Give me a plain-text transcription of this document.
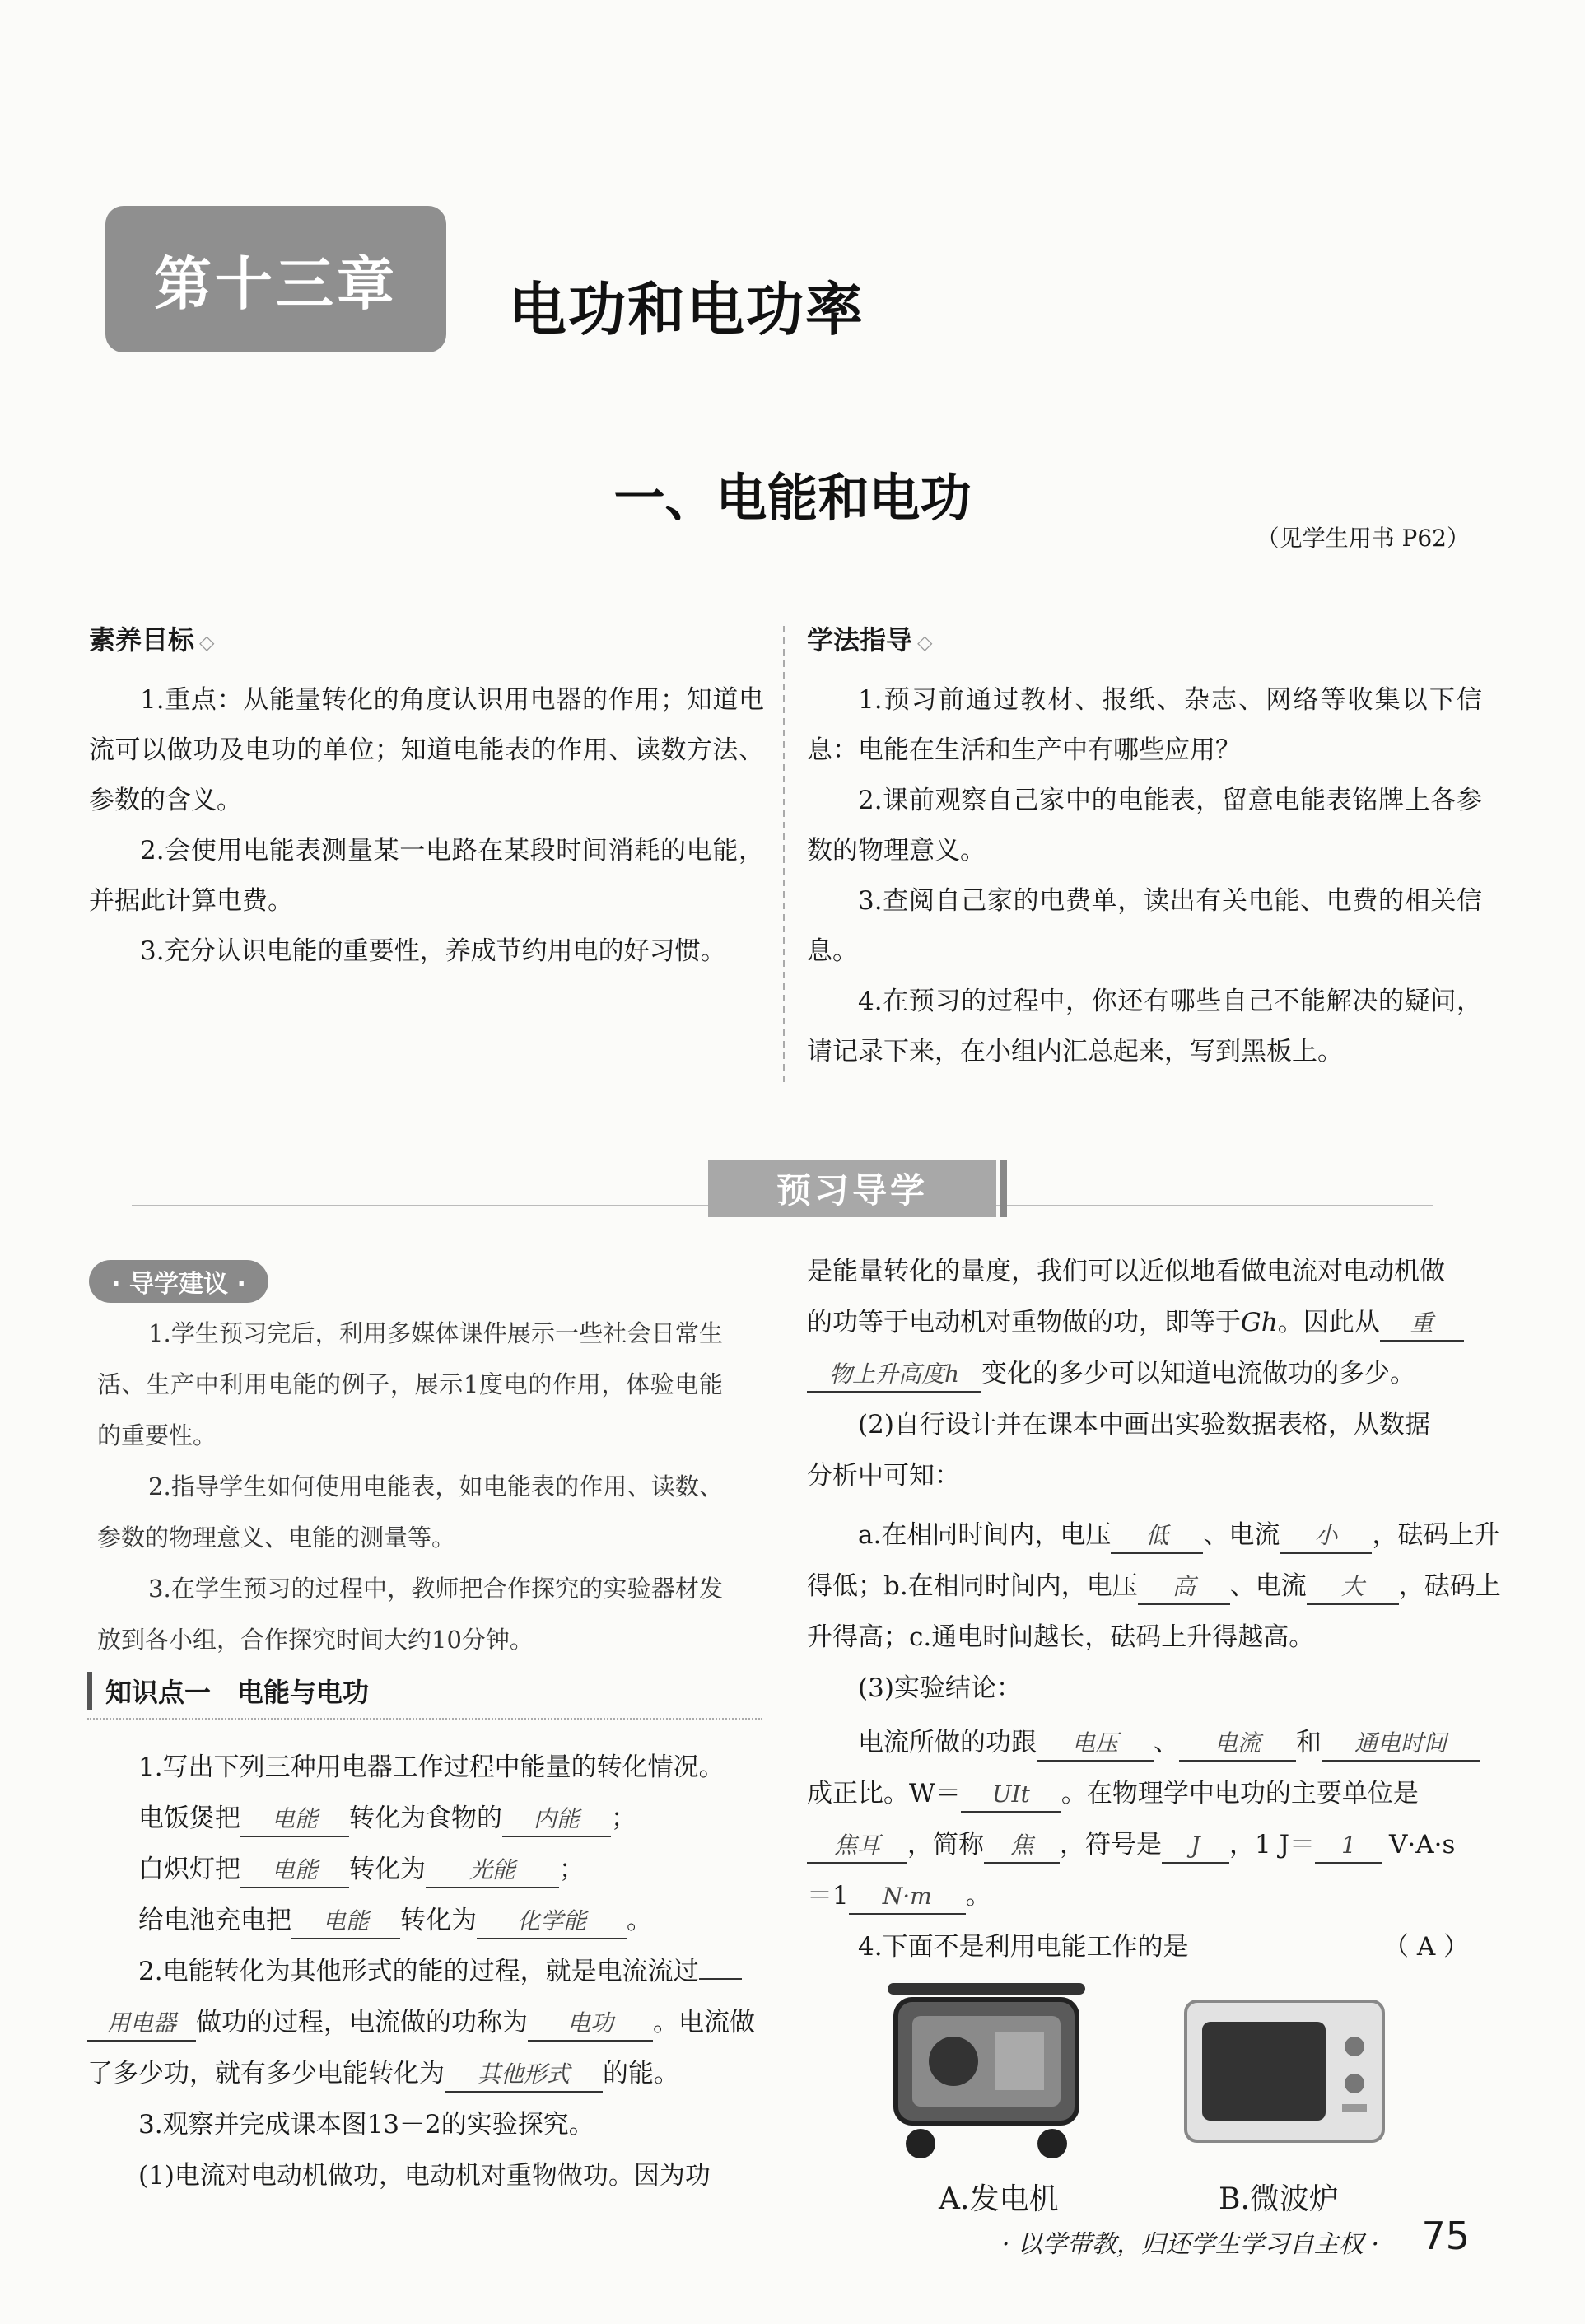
第十三章	电功和电功率
一、电能和电功
（见学生用书 P62）
素养目标 ◇

1.重点：从能量转化的角度认识用电器的作用；知道电流可以做功及电功的单位；知道电能表的作用、读数方法、参数的含义。

2.会使用电能表测量某一电路在某段时间消耗的电能，并据此计算电费。

3.充分认识电能的重要性，养成节约用电的好习惯。

学法指导 ◇

1.预习前通过教材、报纸、杂志、网络等收集以下信息：电能在生活和生产中有哪些应用？

2.课前观察自己家中的电能表，留意电能表铭牌上各参数的物理意义。

3.查阅自己家的电费单，读出有关电能、电费的相关信息。

4.在预习的过程中，你还有哪些自己不能解决的疑问，请记录下来，在小组内汇总起来，写到黑板上。

预习导学
· 导学建议 ·

1.学生预习完后，利用多媒体课件展示一些社会日常生活、生产中利用电能的例子，展示1度电的作用，体验电能的重要性。

2.指导学生如何使用电能表，如电能表的作用、读数、参数的物理意义、电能的测量等。

3.在学生预习的过程中，教师把合作探究的实验器材发放到各小组，合作探究时间大约10分钟。

知识点一　电能与电功
1.写出下列三种用电器工作过程中能量的转化情况。
电饭煲把 电能 转化为食物的 内能 ；
白炽灯把 电能 转化为 光能 ；
给电池充电把 电能 转化为 化学能 。
2.电能转化为其他形式的能的过程，就是电流流过
用电器 做功的过程，电流做的功称为 电功 。电流做
了多少功，就有多少电能转化为 其他形式 的能。
3.观察并完成课本图13－2的实验探究。
(1)电流对电动机做功，电动机对重物做功。因为功
是能量转化的量度，我们可以近似地看做电流对电动机做
的功等于电动机对重物做的功，即等于Gh。因此从 重
物上升高度h 变化的多少可以知道电流做功的多少。
(2)自行设计并在课本中画出实验数据表格，从数据
分析中可知：
a.在相同时间内，电压 低 、电流 小 ，砝码上升
得低；b.在相同时间内，电压 高 、电流 大 ，砝码上
升得高；c.通电时间越长，砝码上升得越高。
(3)实验结论：
电流所做的功跟 电压 、 电流 和 通电时间
成正比。W＝ UIt 。在物理学中电功的主要单位是
焦耳 ，简称 焦 ，符号是 J ，1 J＝ 1 V·A·s
＝1 N·m 。
4.下面不是利用电能工作的是	（ A ）
A.发电机	B.微波炉
· 以学带教，归还学生学习自主权 · 75
